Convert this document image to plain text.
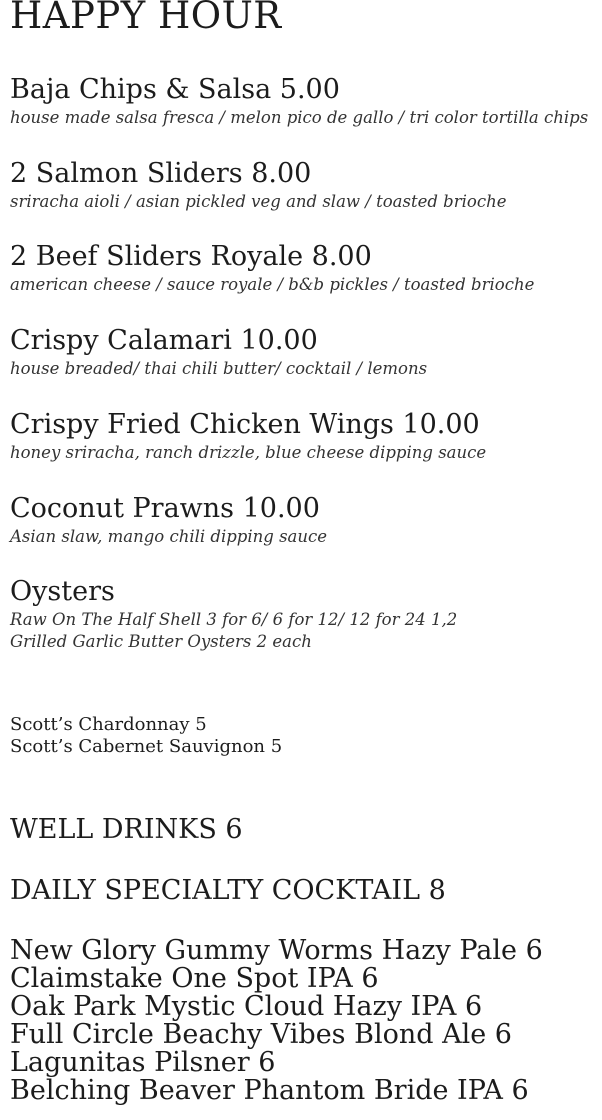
HAPPY HOUR
Baja Chips & Salsa 5.00
house made salsa fresca / melon pico de gallo / tri color tortilla chips
2 Salmon Sliders 8.00
sriracha aioli / asian pickled veg and slaw / toasted brioche
2 Beef Sliders Royale 8.00
american cheese / sauce royale / b&b pickles / toasted brioche
Crispy Calamari 10.00
house breaded/ thai chili butter/ cocktail / lemons
Crispy Fried Chicken Wings 10.00
honey sriracha, ranch drizzle, blue cheese dipping sauce
Coconut Prawns 10.00
Asian slaw, mango chili dipping sauce
Oysters
Raw On The Half Shell 3 for 6/ 6 for 12/ 12 for 24 1,2
Grilled Garlic Butter Oysters 2 each
Scott’s Chardonnay 5
Scott’s Cabernet Sauvignon 5
WELL DRINKS 6
DAILY SPECIALTY COCKTAIL 8
New Glory Gummy Worms Hazy Pale 6
Claimstake One Spot IPA 6
Oak Park Mystic Cloud Hazy IPA 6
Full Circle Beachy Vibes Blond Ale 6
Lagunitas Pilsner 6
Belching Beaver Phantom Bride IPA 6
